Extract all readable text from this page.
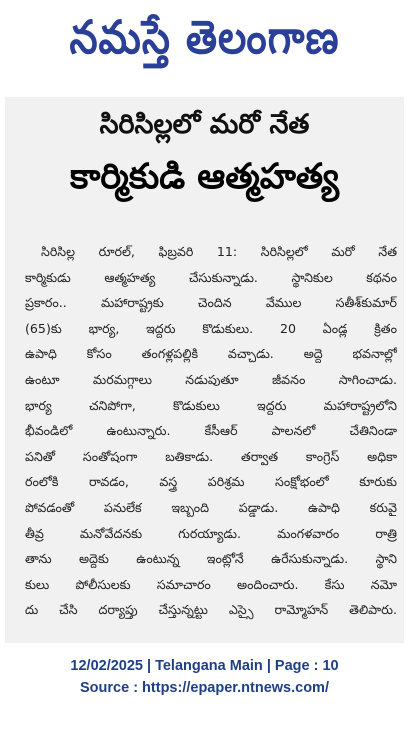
నమస్తే తెలంగాణ
సిరిసిల్లలో మరో నేత
కార్మికుడి ఆత్మహత్య
సిరిసిల్ల రూరల్, ఫిబ్రవరి 11: సిరిసిల్లలో మరో నేత
కార్మికుడు ఆత్మహత్య చేసుకున్నాడు. స్థానికుల కథనం
ప్రకారం.. మహారాష్ట్రకు చెందిన వేముల సతీశ్‌కుమార్
(65)కు భార్య, ఇద్దరు కొడుకులు. 20 ఏండ్ల క్రితం
ఉపాధి కోసం తంగళ్లపల్లికి వచ్చాడు. అద్దె భవనాల్లో
ఉంటూ మరమగ్గాలు నడుపుతూ జీవనం సాగించాడు.
భార్య చనిపోగా, కొడుకులు ఇద్దరు మహారాష్ట్రలోని
భీవండిలో ఉంటున్నారు. కేసీఆర్ పాలనలో చేతినిండా
పనితో సంతోషంగా బతికాడు. తర్వాత కాంగ్రెస్ అధికా
రంలోకి రావడం, వస్త్ర పరిశ్రమ సంక్షోభంలో కూరుకు
పోవడంతో పనులేక ఇబ్బంది పడ్డాడు. ఉపాధి కరువై
తీవ్ర మనోవేదనకు గురయ్యాడు. మంగళవారం రాత్రి
తాను అద్దెకు ఉంటున్న ఇంట్లోనే ఉరేసుకున్నాడు. స్థాని
కులు పోలీసులకు సమాచారం అందించారు. కేసు నమో
దు చేసి దర్యాప్తు చేస్తున్నట్టు ఎస్సై రామ్మోహన్ తెలిపారు.
12/02/2025 | Telangana Main | Page : 10
Source : https://epaper.ntnews.com/
